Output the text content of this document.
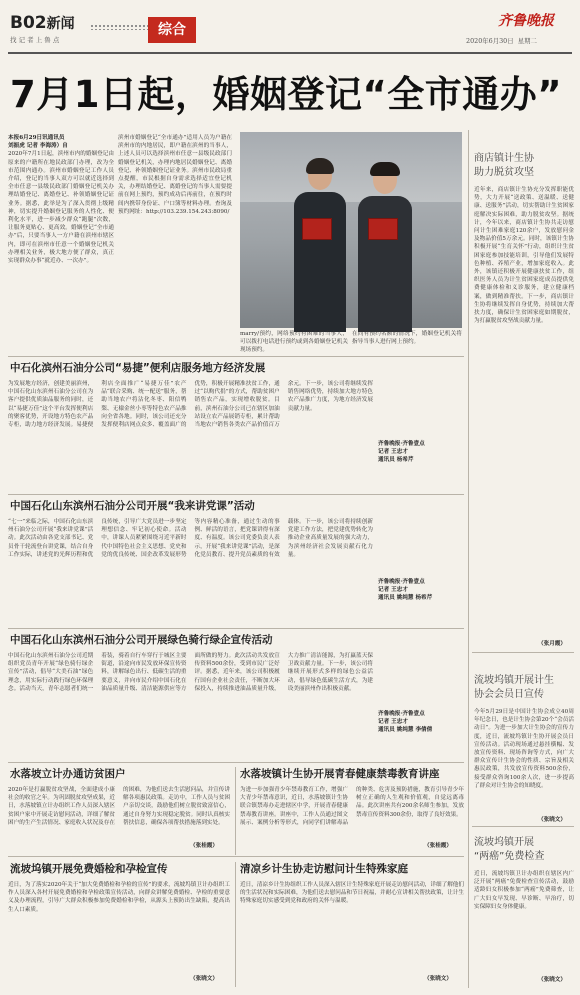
B02新闻
找 记 者 上 鲁 点
综合
齐鲁晚报
2020年6月30日 星期二
7月1日起，婚姻登记“全市通办”
本报6月29日讯通讯员
刘振虎 记者 李海涛）自
2020年7月1日起，滨州市内的婚姻登记由原来的户籍所在地民政部门办理，改为全市范围内通办。滨州市婚姻登记工作人员介绍，登记的当事人双方可以就近选择到全市任意一县级民政部门婚姻登记机关办理结婚登记、离婚登记、补领婚姻登记证业务。据悉，此举是为了深入贯彻上级精神，切实提升婚姻登记服务的人性化、便利化水平，进一步减少群众“跑腿”次数，让服务更贴心、更高效。婚姻登记“全市通办”后，只要当事人一方户籍在滨州市辖区内，即可在滨州市任意一个婚姻登记机关办理相关业务，极大地方便了群众，真正实现群众办事“就近办、一次办”。
滨州市婚姻登记“全市通办”适用人员为户籍在滨州市的内地居民，即户籍在滨州的当事人，上述人员可以选择滨州市任意一县级民政部门婚姻登记机关，办理内地居民婚姻登记、离婚登记、补领婚姻登记证业务。滨州市民政局重点提醒，市民根据自身需求选择适宜登记机关，办理结婚登记、离婚登记的当事人需要提前在网上预约，预约成功后再前往，在预约时间内携带身份证、户口簿等材料办理。查询及预约网址：http://103.239.154.243:8090/
marry/预约，网络预约有困难的当事人，可以拨打电话进行预约或到各婚姻登记机关现场预约。
在尚有预约名额的情况下，婚姻登记机关将指导当事人进行网上预约。
中石化滨州石油分公司“易捷”便利店服务地方经济发展
为发展地方经济，创建美丽滨州，中国石化山东滨州石油分公司在为客户提供优质油品服务的同时，还以“易捷万佳”这个平台发挥便利店的聚客优势，开设地方特色农产品专柜，助力地方经济发展。易捷便利店全面推广“易捷万佳”农产品“联合采购、统一配送”服务，帮助当地农户将沾化冬枣、阳信鸭梨、无棣金丝小枣等特色农产品推向全省各地。同时，该公司还充分发挥便利店网点众多、覆盖面广的优势，积极开展精准扶贫工作，通过“以购代捐”的方式，帮助贫困户销售农产品，实现增收脱贫。目前，滨州石油分公司已在辖区加油站设立农产品展销专柜，累计帮助当地农户销售各类农产品价值百万余元。下一步，该公司将继续发挥销售网络优势，持续加大地方特色农产品推广力度，为地方经济发展贡献力量。
齐鲁晚报·齐鲁壹点
记者 王忠才
通讯员 杨希芹
中国石化山东滨州石油分公司开展“我来讲党课”活动
“七一”来临之际，中国石化山东滨州石油分公司开展“我来讲党课”活动。此次活动由各党支部书记、党员骨干轮流登台讲党课，结合自身工作实际，讲述党的光辉历程和优良传统，引导广大党员进一步坚定理想信念、牢记初心使命。活动中，讲课人员紧紧围绕习近平新时代中国特色社会主义思想、党史和党的优良传统、国企改革发展形势等内容精心准备，通过生动的事例、鲜活的语言，把党课讲得有深度、有温度。该公司党委负责人表示，开展“我来讲党课”活动，是深化党员教育、提升党员素质的有效载体。下一步，该公司将持续创新党建工作方法，把党建优势转化为推动企业高质量发展的强大动力，为滨州经济社会发展贡献石化力量。
齐鲁晚报·齐鲁壹点
记者 王忠才
通讯员 姚纯慧 杨希芹
中国石化山东滨州石油分公司开展绿色骑行绿企宣传活动
中国石化山东滨州石油分公司近期组织党员青年开展“绿色骑行绿企宣传”活动，倡导“大美石油”绿色理念，用实际行动践行绿色环保理念。活动当天，青年志愿者们统一着装，骑着自行车穿行于城区主要街道，沿途向市民发放环保宣传资料，讲解绿色出行、低碳生活的重要意义，并向市民介绍中国石化在油品质量升级、清洁能源供应等方面所做的努力。此次活动共发放宣传资料500余份，受到市民广泛好评。据悉，近年来，该公司积极履行国有企业社会责任，不断加大环保投入，持续推进油品质量升级，大力推广清洁能源，为打赢蓝天保卫战贡献力量。下一步，该公司将继续开展形式多样的绿色公益活动，倡导绿色低碳生活方式，为建设美丽滨州作出积极贡献。
齐鲁晚报·齐鲁壹点
记者 王忠才
通讯员 姚纯慧 李倩倩
水落坡立计办通访贫困户
2020年是打赢脱贫攻坚战，全面建成小康社会的收官之年。为巩固脱贫攻坚成果，近日，水落坡镇立计办组织工作人员深入辖区贫困户家中开展走访慰问活动，详细了解贫困户的生产生活情况、家庭收入状况及存在的困难，为他们送去生活慰问品，并宣传讲解各项惠民政策。走访中，工作人员与贫困户亲切交谈，鼓励他们树立脱贫致富信心，通过自身努力实现稳定脱贫。同时认真核实帮扶信息，确保各项帮扶措施落到实处。
（张桂霞）
水落坡镇计生协开展青春健康禁毒教育讲座
为进一步加强青少年禁毒教育工作，增强广大青少年禁毒意识，近日，水落坡镇计生协联合镇禁毒办走进辖区中学，开展青春健康禁毒教育讲座。讲座中，工作人员通过图文展示、案例分析等形式，向同学们讲解毒品的种类、危害及预防措施，教育引导青少年树立正确的人生观和价值观，自觉远离毒品。此次讲座共有200余名师生参加，发放禁毒宣传资料300余份，取得了良好效果。
（张桂霞）
流坡坞镇开展免费婚检和孕检宣传
近日，为了落实2020年关于“加大免费婚检和孕检的宣传”的要求，流坡坞镇卫计办组织工作人员深入各村开展免费婚检和孕检政策宣传活动，向群众讲解免费婚检、孕检的重要意义及办理流程，引导广大群众积极参加免费婚检和孕检，从源头上预防出生缺陷，提高出生人口素质。
（张晓文）
清凉乡计生协走访慰问计生特殊家庭
近日，清凉乡计生协组织工作人员深入辖区计生特殊家庭开展走访慰问活动，详细了解他们的生活状况和实际困难，为他们送去慰问品和节日祝福，并耐心宣讲相关帮扶政策，让计生特殊家庭切实感受到党和政府的关怀与温暖。
（张晓文）
商店镇计生协
助力脱贫攻坚
近年来，商店镇计生协充分发挥职能优势，大力开展“送政策、送温暖、送健康、送服务”活动，切实帮助计生贫困家庭解决实际困难，助力脱贫攻坚。据统计，今年以来，商店镇计生协共走访慰问计生困难家庭120余户，发放慰问金及物品价值5万余元。同时，该镇计生协积极开展“生育关怀”行动，组织计生贫困家庭参加技能培训，引导他们发展特色种植、养殖产业，增加家庭收入。此外，该镇还积极开展健康扶贫工作，组织医务人员为计生贫困家庭成员提供免费健康体检和义诊服务，建立健康档案，做到精准帮扶。下一步，商店镇计生协将继续发挥自身优势，持续加大帮扶力度，确保计生贫困家庭如期脱贫，为打赢脱贫攻坚战贡献力量。
（张月霞）
流坡坞镇开展计生
协会会员日宣传
今年5月29日是中国计生协会成立40周年纪念日，也是计生协会第20个“会员活动日”。为进一步加大计生协会的宣传力度，近日，流坡坞镇计生协开展会员日宣传活动。活动现场通过悬挂横幅、发放宣传资料、现场咨询等方式，向广大群众宣传计生协会的性质、宗旨及相关惠民政策，共发放宣传资料500余份，接受群众咨询100余人次，进一步提高了群众对计生协会的知晓度。
（张晓文）
流坡坞镇开展
“两癌”免费检查
近日，流坡坞镇卫计办组织在辖区内广泛开展“两癌”免费检查宣传活动，鼓励适龄妇女积极参加“两癌”免费筛查，让广大妇女早发现、早诊断、早治疗，切实保障妇女身体健康。
（张晓文）
